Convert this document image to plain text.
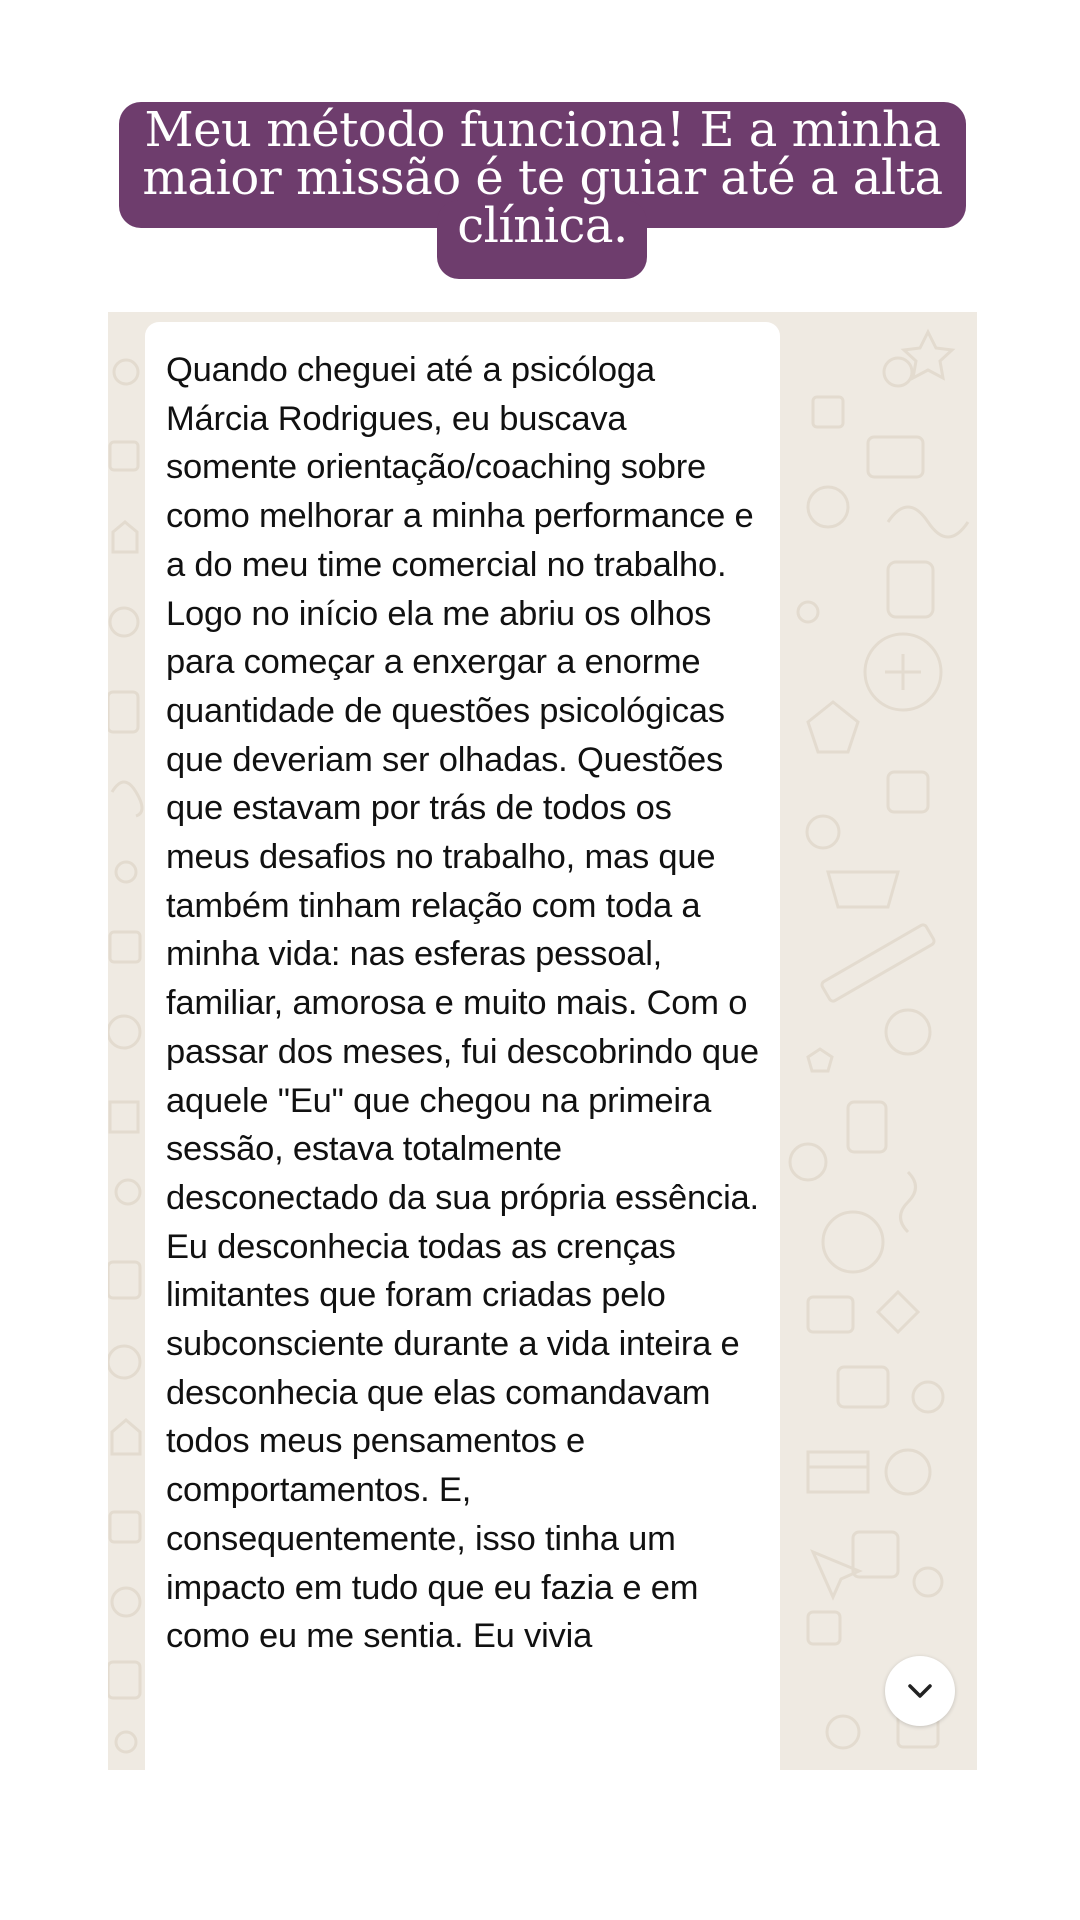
Meu método funciona! E a minha maior missão é te guiar até a alta clínica.

Quando cheguei até a psicóloga Márcia Rodrigues, eu buscava somente orientação/coaching sobre como melhorar a minha performance e a do meu time comercial no trabalho.

Logo no início ela me abriu os olhos para começar a enxergar a enorme quantidade de questões psicológicas que deveriam ser olhadas. Questões que estavam por trás de todos os meus desafios no trabalho, mas que também tinham relação com toda a minha vida: nas esferas pessoal, familiar, amorosa e muito mais. Com o passar dos meses, fui descobrindo que aquele "Eu" que chegou na primeira sessão, estava totalmente desconectado da sua própria essência.

Eu desconhecia todas as crenças limitantes que foram criadas pelo subconsciente durante a vida inteira e desconhecia que elas comandavam todos meus pensamentos e comportamentos. E, consequentemente, isso tinha um impacto em tudo que eu fazia e em como eu me sentia. Eu vivia
